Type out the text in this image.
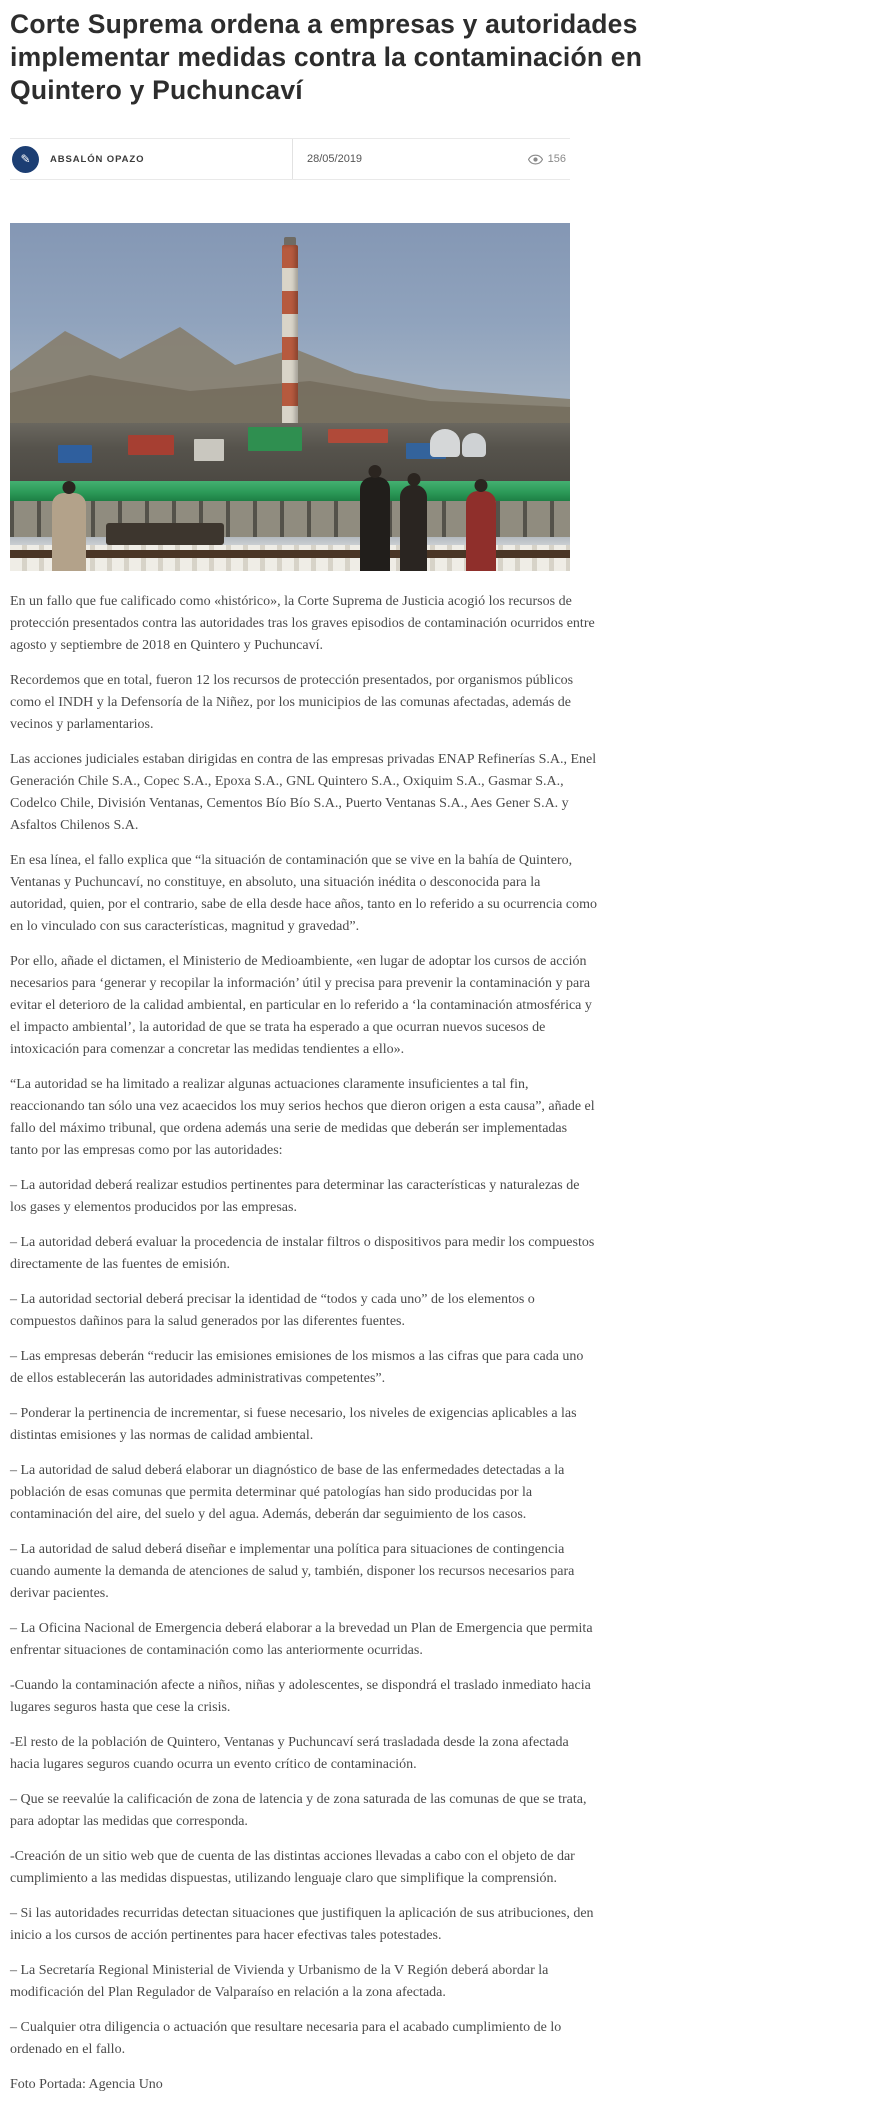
Corte Suprema ordena a empresas y autoridades
implementar medidas contra la contaminación en
Quintero y Puchuncaví
✎ ABSALÓN OPAZO	28/05/2019	156

En un fallo que fue calificado como «histórico», la Corte Suprema de Justicia acogió los recursos de protección presentados contra las autoridades tras los graves episodios de contaminación ocurridos entre agosto y septiembre de 2018 en Quintero y Puchuncaví.

Recordemos que en total, fueron 12 los recursos de protección presentados, por organismos públicos como el INDH y la Defensoría de la Niñez, por los municipios de las comunas afectadas, además de vecinos y parlamentarios.

Las acciones judiciales estaban dirigidas en contra de las empresas privadas ENAP Refinerías S.A., Enel Generación Chile S.A., Copec S.A., Epoxa S.A., GNL Quintero S.A., Oxiquim S.A., Gasmar S.A., Codelco Chile, División Ventanas, Cementos Bío Bío S.A., Puerto Ventanas S.A., Aes Gener S.A. y Asfaltos Chilenos S.A.

En esa línea, el fallo explica que “la situación de contaminación que se vive en la bahía de Quintero, Ventanas y Puchuncaví, no constituye, en absoluto, una situación inédita o desconocida para la autoridad, quien, por el contrario, sabe de ella desde hace años, tanto en lo referido a su ocurrencia como en lo vinculado con sus características, magnitud y gravedad”.

Por ello, añade el dictamen, el Ministerio de Medioambiente, «en lugar de adoptar los cursos de acción necesarios para ‘generar y recopilar la información’ útil y precisa para prevenir la contaminación y para evitar el deterioro de la calidad ambiental, en particular en lo referido a ‘la contaminación atmosférica y el impacto ambiental’, la autoridad de que se trata ha esperado a que ocurran nuevos sucesos de intoxicación para comenzar a concretar las medidas tendientes a ello».

“La autoridad se ha limitado a realizar algunas actuaciones claramente insuficientes a tal fin, reaccionando tan sólo una vez acaecidos los muy serios hechos que dieron origen a esta causa”, añade el fallo del máximo tribunal, que ordena además una serie de medidas que deberán ser implementadas tanto por las empresas como por las autoridades:

– La autoridad deberá realizar estudios pertinentes para determinar las características y naturalezas de los gases y elementos producidos por las empresas.

– La autoridad deberá evaluar la procedencia de instalar filtros o dispositivos para medir los compuestos directamente de las fuentes de emisión.

– La autoridad sectorial deberá precisar la identidad de “todos y cada uno” de los elementos o compuestos dañinos para la salud generados por las diferentes fuentes.

– Las empresas deberán “reducir las emisiones emisiones de los mismos a las cifras que para cada uno de ellos establecerán las autoridades administrativas competentes”.

– Ponderar la pertinencia de incrementar, si fuese necesario, los niveles de exigencias aplicables a las distintas emisiones y las normas de calidad ambiental.

– La autoridad de salud deberá elaborar un diagnóstico de base de las enfermedades detectadas a la población de esas comunas que permita determinar qué patologías han sido producidas por la contaminación del aire, del suelo y del agua. Además, deberán dar seguimiento de los casos.

– La autoridad de salud deberá diseñar e implementar una política para situaciones de contingencia cuando aumente la demanda de atenciones de salud y, también, disponer los recursos necesarios para derivar pacientes.

– La Oficina Nacional de Emergencia deberá elaborar a la brevedad un Plan de Emergencia que permita enfrentar situaciones de contaminación como las anteriormente ocurridas.

-Cuando la contaminación afecte a niños, niñas y adolescentes, se dispondrá el traslado inmediato hacia lugares seguros hasta que cese la crisis.

-El resto de la población de Quintero, Ventanas y Puchuncaví será trasladada desde la zona afectada hacia lugares seguros cuando ocurra un evento crítico de contaminación.

– Que se reevalúe la calificación de zona de latencia y de zona saturada de las comunas de que se trata, para adoptar las medidas que corresponda.

-Creación de un sitio web que de cuenta de las distintas acciones llevadas a cabo con el objeto de dar cumplimiento a las medidas dispuestas, utilizando lenguaje claro que simplifique la comprensión.

– Si las autoridades recurridas detectan situaciones que justifiquen la aplicación de sus atribuciones, den inicio a los cursos de acción pertinentes para hacer efectivas tales potestades.

– La Secretaría Regional Ministerial de Vivienda y Urbanismo de la V Región deberá abordar la modificación del Plan Regulador de Valparaíso en relación a la zona afectada.

– Cualquier otra diligencia o actuación que resultare necesaria para el acabado cumplimiento de lo ordenado en el fallo.

Foto Portada: Agencia Uno
